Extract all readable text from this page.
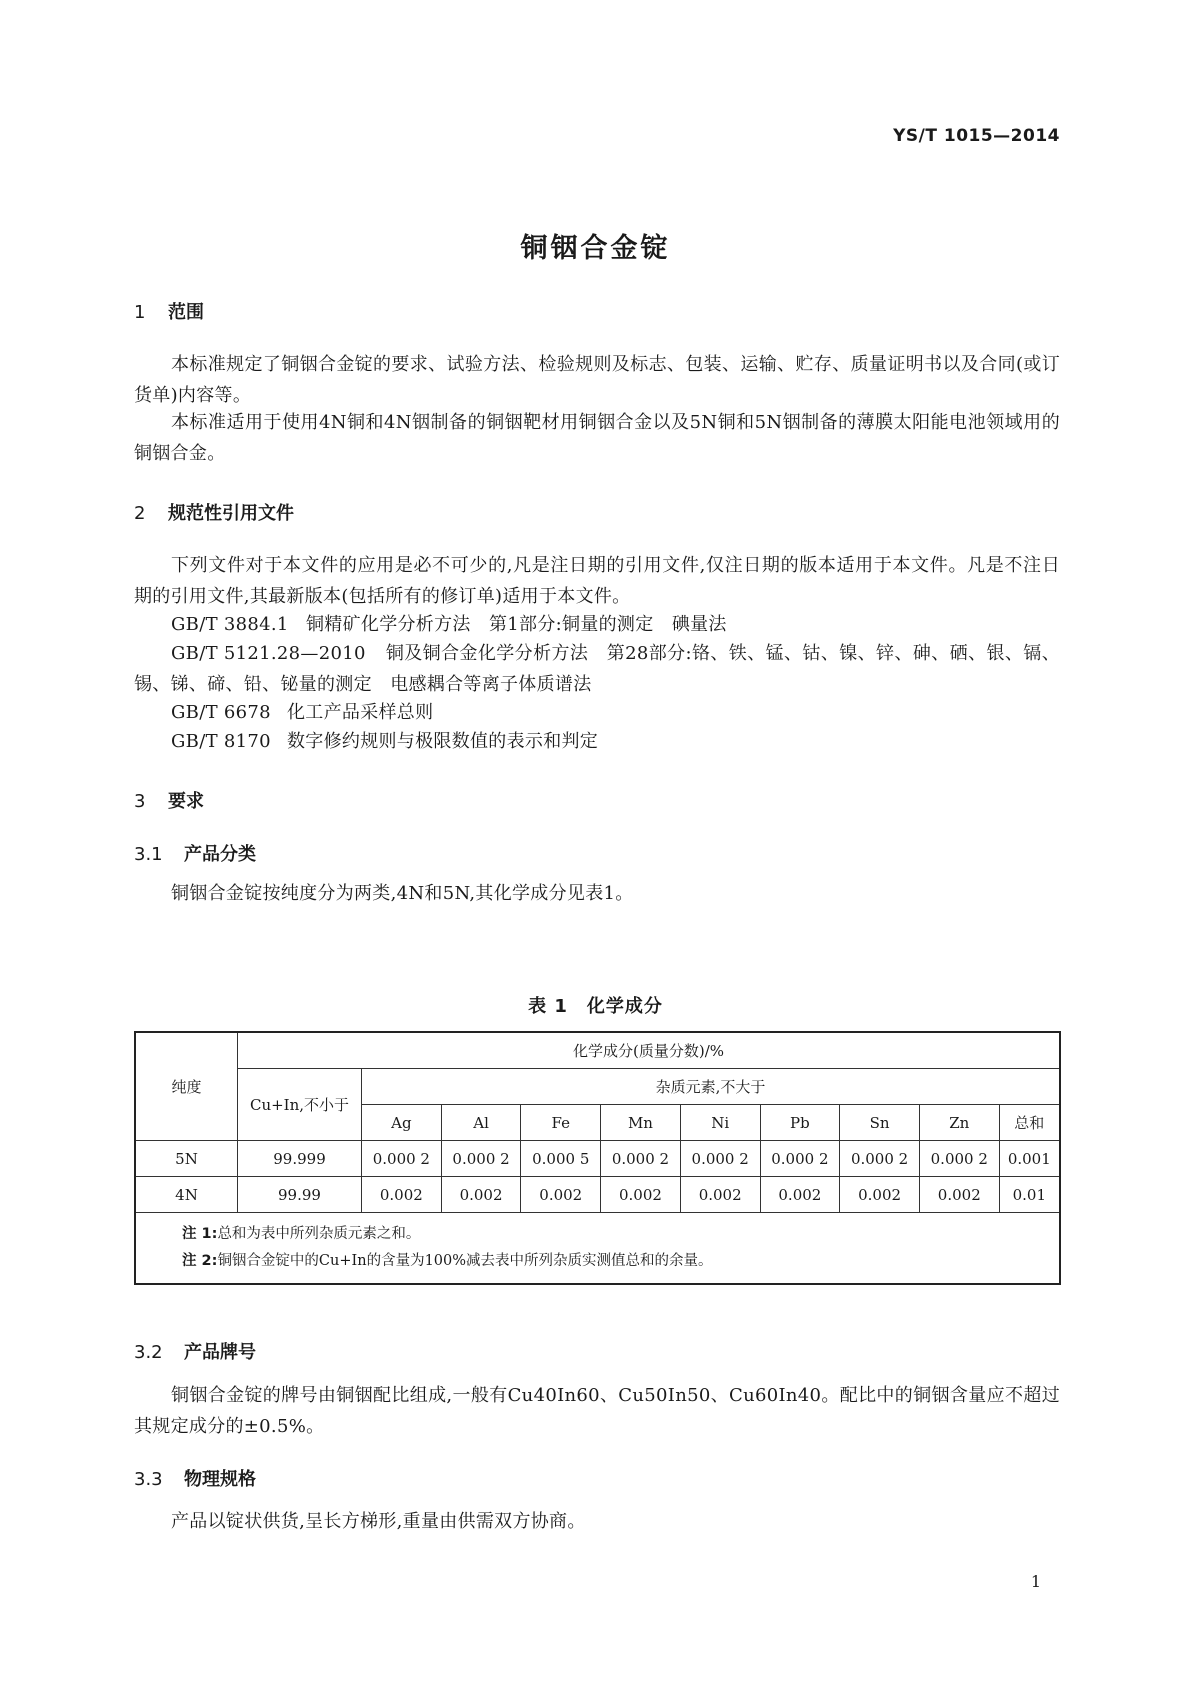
YS/T 1015—2014
铜铟合金锭
1 范围
本标准规定了铜铟合金锭的要求、试验方法、检验规则及标志、包装、运输、贮存、质量证明书以及合同(或订货单)内容等。
本标准适用于使用4N铜和4N铟制备的铜铟靶材用铜铟合金以及5N铜和5N铟制备的薄膜太阳能电池领域用的铜铟合金。
2 规范性引用文件
下列文件对于本文件的应用是必不可少的,凡是注日期的引用文件,仅注日期的版本适用于本文件。凡是不注日期的引用文件,其最新版本(包括所有的修订单)适用于本文件。
GB/T 3884.1 铜精矿化学分析方法　第1部分:铜量的测定　碘量法
GB/T 5121.28—2010 铜及铜合金化学分析方法　第28部分:铬、铁、锰、钴、镍、锌、砷、硒、银、镉、锡、锑、碲、铅、铋量的测定　电感耦合等离子体质谱法
GB/T 6678 化工产品采样总则
GB/T 8170 数字修约规则与极限数值的表示和判定
3 要求
3.1 产品分类
铜铟合金锭按纯度分为两类,4N和5N,其化学成分见表1。
表 1　化学成分
纯度	化学成分(质量分数)/%									
	Cu+In,不小于	杂质元素,不大于								
		Ag	Al	Fe	Mn	Ni	Pb	Sn	Zn	总和
5N	99.999	0.000 2	0.000 2	0.000 5	0.000 2	0.000 2	0.000 2	0.000 2	0.000 2	0.001
4N	99.99	0.002	0.002	0.002	0.002	0.002	0.002	0.002	0.002	0.01

注 1:总和为表中所列杂质元素之和。
注 2:铜铟合金锭中的Cu+In的含量为100%减去表中所列杂质实测值总和的余量。										
3.2 产品牌号
铜铟合金锭的牌号由铜铟配比组成,一般有Cu40In60、Cu50In50、Cu60In40。配比中的铜铟含量应不超过其规定成分的±0.5%。
3.3 物理规格
产品以锭状供货,呈长方梯形,重量由供需双方协商。
1
